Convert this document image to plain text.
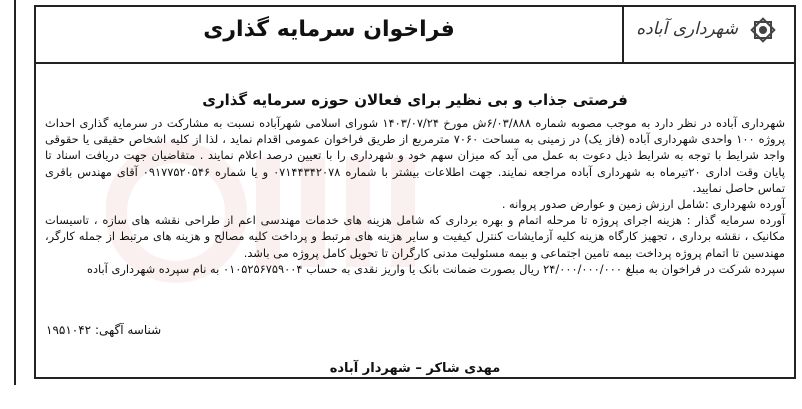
فراخوان سرمایه گذاری	شهرداری آباده
فرصتی جذاب و بی نظیر برای فعالان حوزه سرمایه گذاری

شهرداری آباده در نظر دارد به موجب مصوبه شماره ۶/۰۳/۸۸۸ش مورخ ۱۴۰۳/۰۷/۲۴ شورای اسلامی شهرآباده نسبت به مشارکت در سرمایه گذاری احداث پروژه ۱۰۰ واحدی شهرداری آباده (فاز یک) در زمینی به مساحت ۷۰۶۰ مترمربع از طریق فراخوان عمومی اقدام نماید ، لذا از کلیه اشخاص حقیقی یا حقوقی واجد شرایط با توجه به شرایط ذیل دعوت به عمل می آید که میزان سهم خود و شهرداری را با تعیین درصد اعلام نمایند . متقاضیان جهت دریافت اسناد تا پایان وقت اداری ۲۰تیرماه به شهرداری آباده مراجعه نمایند. جهت اطلاعات بیشتر با شماره ۰۷۱۴۴۳۴۲۰۷۸ و یا شماره ۰۹۱۷۷۵۲۰۵۴۶ آقای مهندس باقری تماس حاصل نمایید.

آورده شهرداری :شامل ارزش زمین و عوارض صدور پروانه .

آورده سرمایه گذار : هزینه اجرای پروژه تا مرحله اتمام و بهره برداری که شامل هزینه های خدمات مهندسی اعم از طراحی نقشه های سازه ، تاسیسات مکانیک ، نقشه برداری ، تجهیز کارگاه هزینه کلیه آزمایشات کنترل کیفیت و سایر هزینه های مرتبط و پرداخت کلیه مصالح و هزینه های مرتبط از جمله کارگر، مهندسین تا اتمام پروژه پرداخت بیمه تامین اجتماعی و بیمه مسئولیت مدنی کارگران تا تحویل کامل پروژه می باشد.

سپرده شرکت در فراخوان به مبلغ ۲۴/۰۰۰/۰۰۰/۰۰۰ ریال بصورت ضمانت بانک یا واریز نقدی به حساب ۰۱۰۵۲۵۶۷۵۹۰۰۴ به نام سپرده شهرداری آباده

شناسه آگهی: ۱۹۵۱۰۴۲
مهدی شاکر – شهردار آباده
